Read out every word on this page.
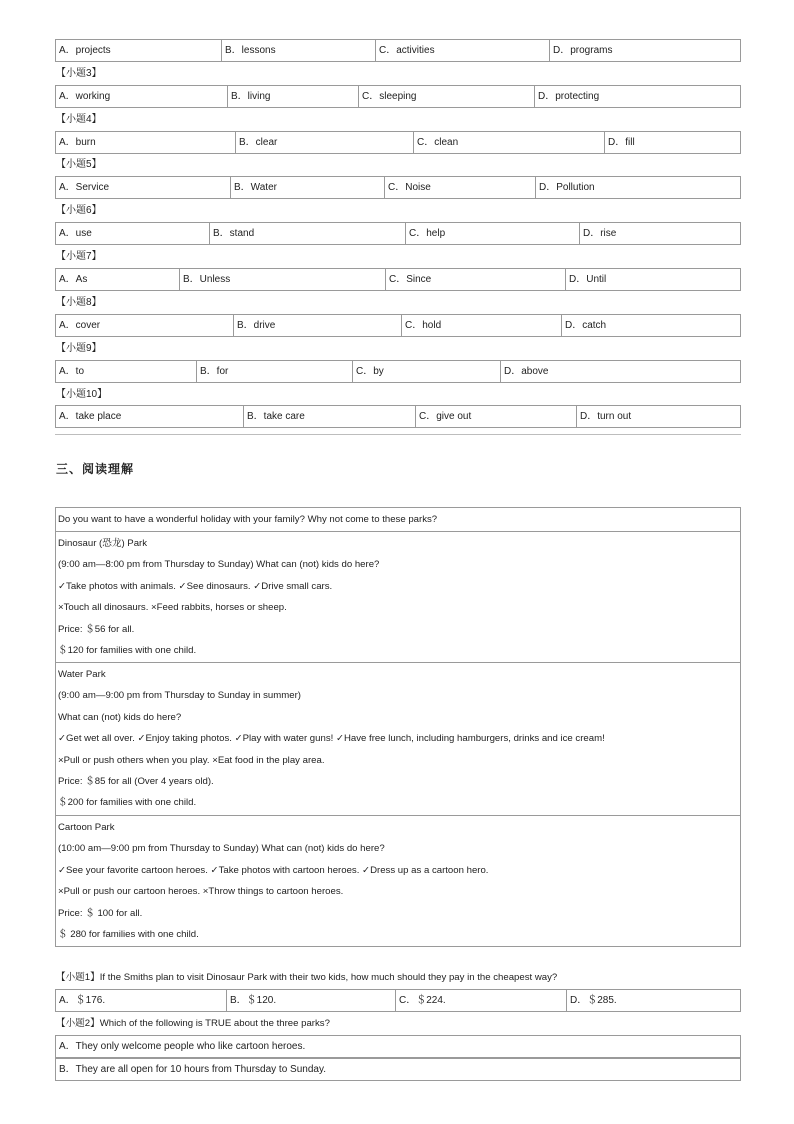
A．projects	B．lessons	C．activities	D．programs
【小题3】
A．working	B．living	C．sleeping	D．protecting
【小题4】
A．burn	B．clear	C．clean	D．fill
【小题5】
A．Service	B．Water	C．Noise	D．Pollution
【小题6】
A．use	B．stand	C．help	D．rise
【小题7】
A．As	B．Unless	C．Since	D．Until
【小题8】
A．cover	B．drive	C．hold	D．catch
【小题9】
A．to	B．for	C．by	D．above
【小题10】
A．take place	B．take care	C．give out	D．turn out
三、阅读理解
Do you want to have a wonderful holiday with your family? Why not come to these parks?
Dinosaur (恐龙) Park
(9:00 am—8:00 pm from Thursday to Sunday) What can (not) kids do here?
✓Take photos with animals. ✓See dinosaurs. ✓Drive small cars.
×Touch all dinosaurs. ×Feed rabbits, horses or sheep.
Price: ＄56 for all.
＄120 for families with one child.
Water Park
(9:00 am—9:00 pm from Thursday to Sunday in summer)
What can (not) kids do here?
✓Get wet all over. ✓Enjoy taking photos. ✓Play with water guns! ✓Have free lunch, including hamburgers, drinks and ice cream!
×Pull or push others when you play. ×Eat food in the play area.
Price: ＄85 for all (Over 4 years old).
＄200 for families with one child.
Cartoon Park
(10:00 am—9:00 pm from Thursday to Sunday) What can (not) kids do here?
✓See your favorite cartoon heroes. ✓Take photos with cartoon heroes. ✓Dress up as a cartoon hero.
×Pull or push our cartoon heroes. ×Throw things to cartoon heroes.
Price: ＄ 100 for all.
＄ 280 for families with one child.
【小题1】If the Smiths plan to visit Dinosaur Park with their two kids, how much should they pay in the cheapest way?
A．＄176.	B．＄120.	C．＄224.	D．＄285.
【小题2】Which of the following is TRUE about the three parks?
A．They only welcome people who like cartoon heroes.
B．They are all open for 10 hours from Thursday to Sunday.
